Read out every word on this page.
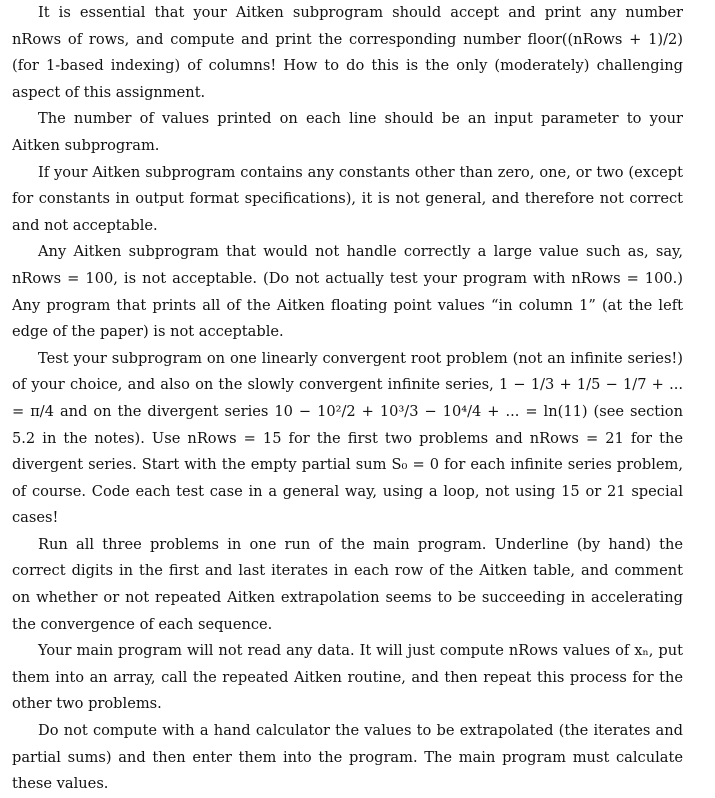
It is essential that your Aitken subprogram should accept and print any number nRows of rows, and compute and print the corresponding number floor((nRows + 1)/2) (for 1-based indexing) of columns! How to do this is the only (moderately) challenging aspect of this assignment.

The number of values printed on each line should be an input parameter to your Aitken subprogram.

If your Aitken subprogram contains any constants other than zero, one, or two (except for constants in output format specifications), it is not general, and therefore not correct and not acceptable.

Any Aitken subprogram that would not handle correctly a large value such as, say, nRows = 100, is not acceptable. (Do not actually test your program with nRows = 100.) Any program that prints all of the Aitken floating point values “in column 1” (at the left edge of the paper) is not acceptable.

Test your subprogram on one linearly convergent root problem (not an infinite series!) of your choice, and also on the slowly convergent infinite series, 1 − 1/3 + 1/5 − 1/7 + ... = π/4 and on the divergent series 10 − 10²/2 + 10³/3 − 10⁴/4 + ... = ln(11) (see section 5.2 in the notes). Use nRows = 15 for the first two problems and nRows = 21 for the divergent series. Start with the empty partial sum S₀ = 0 for each infinite series problem, of course. Code each test case in a general way, using a loop, not using 15 or 21 special cases!

Run all three problems in one run of the main program. Underline (by hand) the correct digits in the first and last iterates in each row of the Aitken table, and comment on whether or not repeated Aitken extrapolation seems to be succeeding in accelerating the convergence of each sequence.

Your main program will not read any data. It will just compute nRows values of xₙ, put them into an array, call the repeated Aitken routine, and then repeat this process for the other two problems.

Do not compute with a hand calculator the values to be extrapolated (the iterates and partial sums) and then enter them into the program. The main program must calculate these values.
